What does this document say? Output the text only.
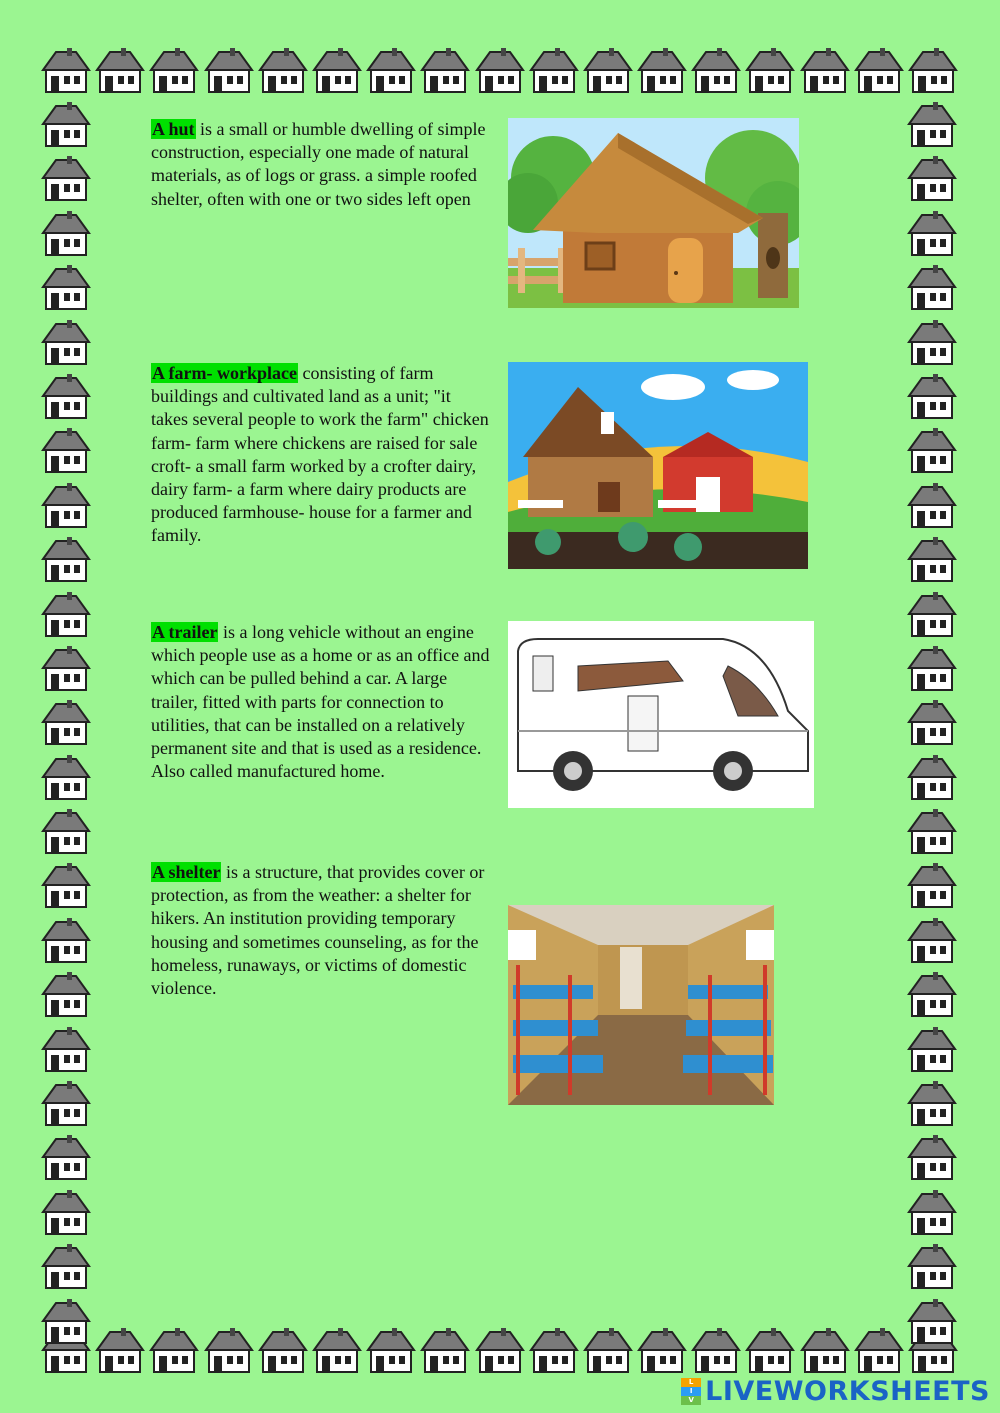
A hut is a small or humble dwelling of simple construction, especially one made of natural materials, as of logs or grass. a simple roofed shelter, often with one or two sides left open
A farm- workplace consisting of farm buildings and cultivated land as a unit; "it takes several people to work the farm" chicken farm- farm where chickens are raised for sale croft- a small farm worked by a crofter dairy, dairy farm- a farm where dairy products are produced farmhouse- house for a farmer and family.
A trailer is a long vehicle without an engine which people use as a home or as an office and which can be pulled behind a car. A large trailer, fitted with parts for connection to utilities, that can be installed on a relatively permanent site and that is used as a residence. Also called manufactured home.
A shelter is a structure, that provides cover or protection, as from the weather: a shelter for hikers. An institution providing temporary housing and sometimes counseling, as for the homeless, runaways, or victims of domestic violence.
L
I
V LIVEWORKSHEETS
